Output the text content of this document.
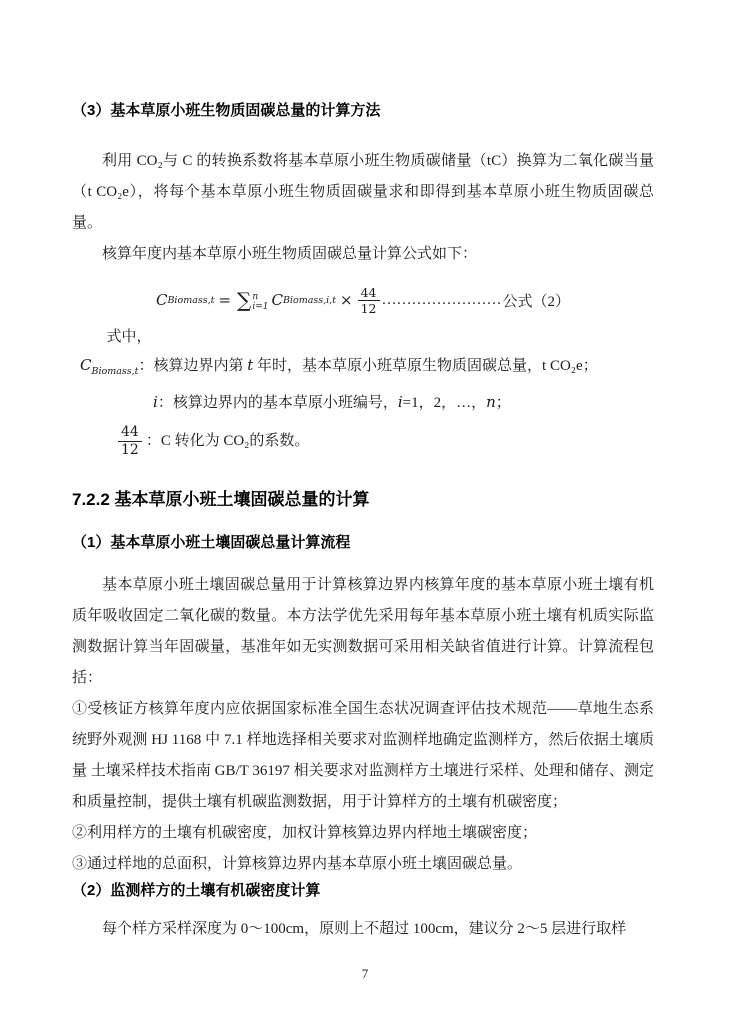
（3）基本草原小班生物质固碳总量的计算方法

利用 CO₂与 C 的转换系数将基本草原小班生物质碳储量（tC）换算为二氧化碳当量（t CO₂e），将每个基本草原小班生物质固碳量求和即得到基本草原小班生物质固碳总量。

核算年度内基本草原小班生物质固碳总量计算公式如下：

C Biomass,t = ∑ n
i=1 C Biomass,i,t × $\frac{44}{12}$ …………………… 公式（2）

式中，

$C_{Biomass,t}$：核算边界内第 t 年时，基本草原小班草原生物质固碳总量，t CO₂e；
i：核算边界内的基本草原小班编号，i=1，2，…，n；
$\frac{44}{12}$ ： C 转化为 CO₂的系数。
7.2.2 基本草原小班土壤固碳总量的计算
（1）基本草原小班土壤固碳总量计算流程

基本草原小班土壤固碳总量用于计算核算边界内核算年度的基本草原小班土壤有机质年吸收固定二氧化碳的数量。本方法学优先采用每年基本草原小班土壤有机质实际监测数据计算当年固碳量，基准年如无实测数据可采用相关缺省值进行计算。计算流程包括：

①受核证方核算年度内应依据国家标准全国生态状况调查评估技术规范——草地生态系统野外观测 HJ 1168 中 7.1 样地选择相关要求对监测样地确定监测样方，然后依据土壤质量 土壤采样技术指南 GB/T 36197 相关要求对监测样方土壤进行采样、处理和储存、测定和质量控制，提供土壤有机碳监测数据，用于计算样方的土壤有机碳密度；

②利用样方的土壤有机碳密度，加权计算核算边界内样地土壤碳密度；

③通过样地的总面积，计算核算边界内基本草原小班土壤固碳总量。

（2）监测样方的土壤有机碳密度计算

每个样方采样深度为 0～100cm，原则上不超过 100cm，建议分 2～5 层进行取样

7
